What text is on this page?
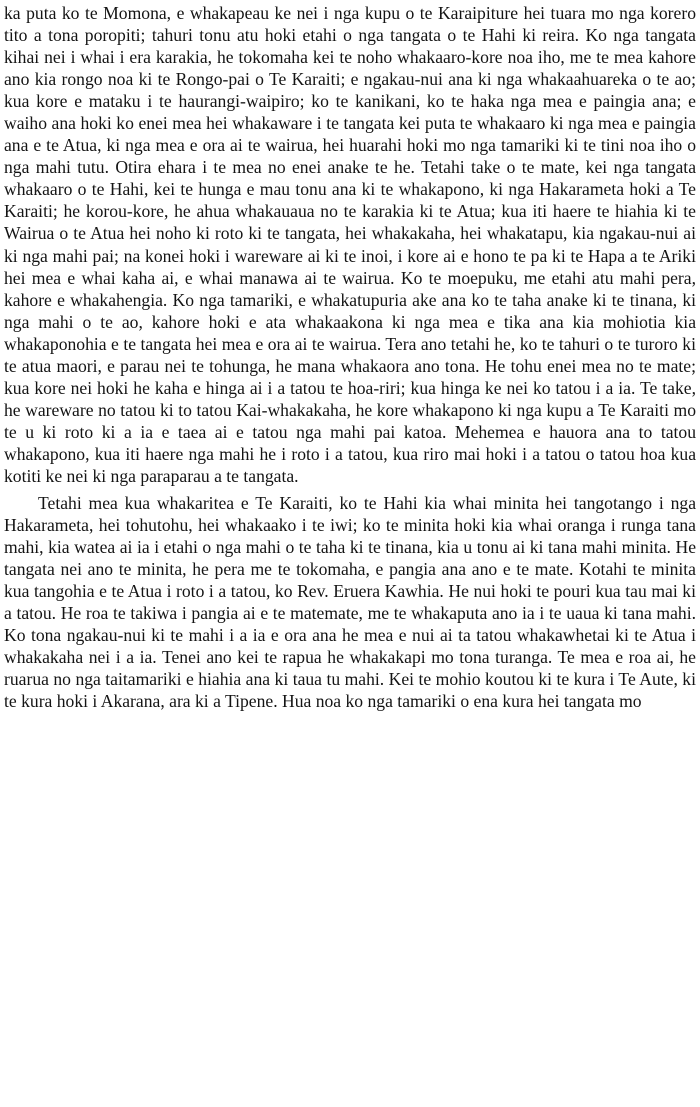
ka puta ko te Momona, e whakapeau ke nei i nga kupu o te Karaipiture hei tuara mo nga korero tito a tona poropiti; tahuri tonu atu hoki etahi o nga tangata o te Hahi ki reira. Ko nga tangata kihai nei i whai i era karakia, he tokomaha kei te noho whakaaro-kore noa iho, me te mea kahore ano kia rongo noa ki te Rongo-pai o Te Karaiti; e ngakau-nui ana ki nga whakaahuareka o te ao; kua kore e mataku i te haurangi-waipiro; ko te kanikani, ko te haka nga mea e paingia ana; e waiho ana hoki ko enei mea hei whakaware i te tangata kei puta te whakaaro ki nga mea e paingia ana e te Atua, ki nga mea e ora ai te wairua, hei huarahi hoki mo nga tamariki ki te tini noa iho o nga mahi tutu. Otira ehara i te mea no enei anake te he. Tetahi take o te mate, kei nga tangata whakaaro o te Hahi, kei te hunga e mau tonu ana ki te whakapono, ki nga Hakarameta hoki a Te Karaiti; he korou-kore, he ahua whakauaua no te karakia ki te Atua; kua iti haere te hiahia ki te Wairua o te Atua hei noho ki roto ki te tangata, hei whakakaha, hei whakatapu, kia ngakau-nui ai ki nga mahi pai; na konei hoki i wareware ai ki te inoi, i kore ai e hono te pa ki te Hapa a te Ariki hei mea e whai kaha ai, e whai manawa ai te wairua. Ko te moepuku, me etahi atu mahi pera, kahore e whakahengia. Ko nga tamariki, e whakatupuria ake ana ko te taha anake ki te tinana, ki nga mahi o te ao, kahore hoki e ata whakaakona ki nga mea e tika ana kia mohiotia kia whakaponohia e te tangata hei mea e ora ai te wairua. Tera ano tetahi he, ko te tahuri o te turoro ki te atua maori, e parau nei te tohunga, he mana whakaora ano tona. He tohu enei mea no te mate; kua kore nei hoki he kaha e hinga ai i a tatou te hoa-riri; kua hinga ke nei ko tatou i a ia. Te take, he wareware no tatou ki to tatou Kai-whakakaha, he kore whakapono ki nga kupu a Te Karaiti mo te u ki roto ki a ia e taea ai e tatou nga mahi pai katoa. Mehemea e hauora ana to tatou whakapono, kua iti haere nga mahi he i roto i a tatou, kua riro mai hoki i a tatou o tatou hoa kua kotiti ke nei ki nga paraparau a te tangata.

Tetahi mea kua whakaritea e Te Karaiti, ko te Hahi kia whai minita hei tangotango i nga Hakarameta, hei tohutohu, hei whakaako i te iwi; ko te minita hoki kia whai oranga i runga tana mahi, kia watea ai ia i etahi o nga mahi o te taha ki te tinana, kia u tonu ai ki tana mahi minita. He tangata nei ano te minita, he pera me te tokomaha, e pangia ana ano e te mate. Kotahi te minita kua tangohia e te Atua i roto i a tatou, ko Rev. Eruera Kawhia. He nui hoki te pouri kua tau mai ki a tatou. He roa te takiwa i pangia ai e te matemate, me te whakaputa ano ia i te uaua ki tana mahi. Ko tona ngakau-nui ki te mahi i a ia e ora ana he mea e nui ai ta tatou whakawhetai ki te Atua i whakakaha nei i a ia. Tenei ano kei te rapua he whakakapi mo tona turanga. Te mea e roa ai, he ruarua no nga taitamariki e hiahia ana ki taua tu mahi. Kei te mohio koutou ki te kura i Te Aute, ki te kura hoki i Akarana, ara ki a Tipene. Hua noa ko nga tamariki o ena kura hei tangata mo
